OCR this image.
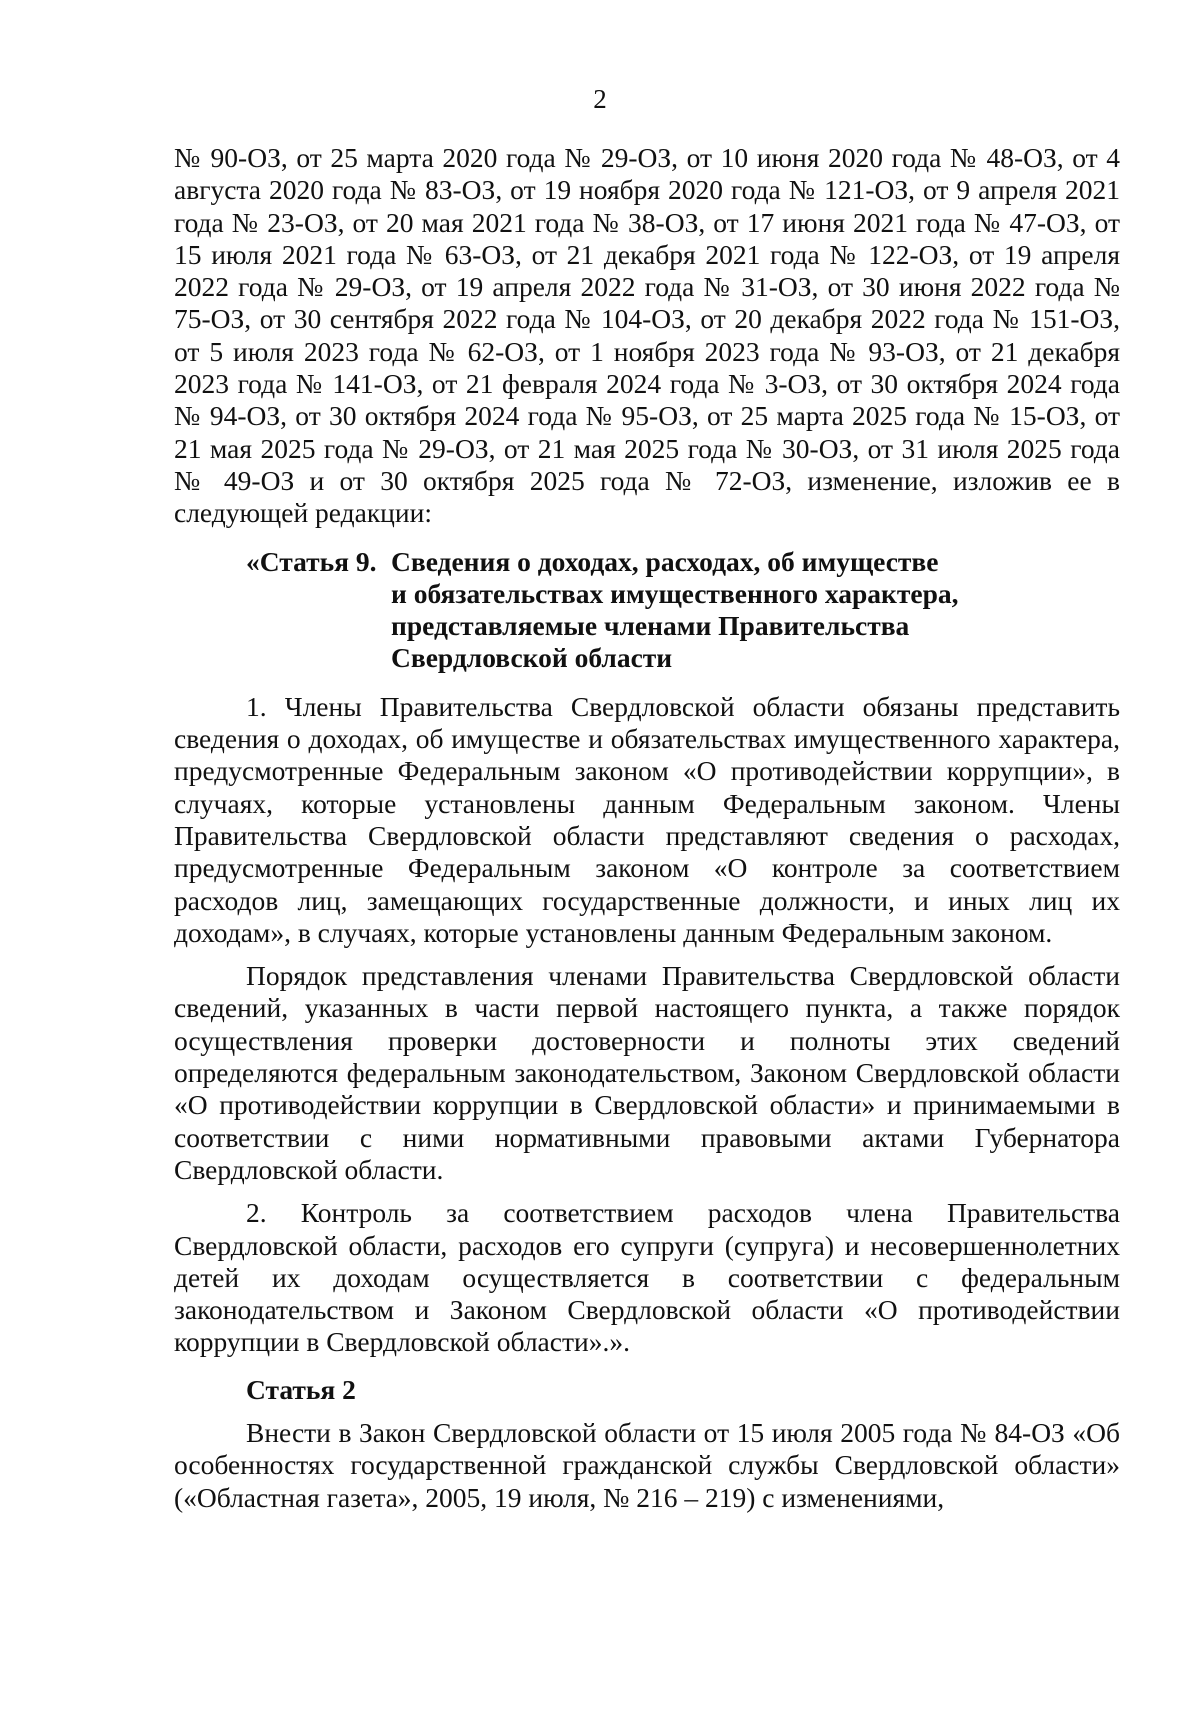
2

№ 90-ОЗ, от 25 марта 2020 года № 29-ОЗ, от 10 июня 2020 года № 48-ОЗ, от 4 августа 2020 года № 83-ОЗ, от 19 ноября 2020 года № 121-ОЗ, от 9 апреля 2021 года № 23-ОЗ, от 20 мая 2021 года № 38-ОЗ, от 17 июня 2021 года № 47-ОЗ, от 15 июля 2021 года № 63-ОЗ, от 21 декабря 2021 года № 122-ОЗ, от 19 апреля 2022 года № 29-ОЗ, от 19 апреля 2022 года № 31-ОЗ, от 30 июня 2022 года № 75-ОЗ, от 30 сентября 2022 года № 104-ОЗ, от 20 декабря 2022 года № 151-ОЗ, от 5 июля 2023 года № 62-ОЗ, от 1 ноября 2023 года № 93-ОЗ, от 21 декабря 2023 года № 141-ОЗ, от 21 февраля 2024 года № 3-ОЗ, от 30 октября 2024 года № 94-ОЗ, от 30 октября 2024 года № 95-ОЗ, от 25 марта 2025 года № 15-ОЗ, от 21 мая 2025 года № 29-ОЗ, от 21 мая 2025 года № 30-ОЗ, от 31 июля 2025 года № 49-ОЗ и от 30 октября 2025 года № 72-ОЗ, изменение, изложив ее в следующей редакции:

«Статья 9. Сведения о доходах, расходах, об имуществе
и обязательствах имущественного характера,
представляемые членами Правительства
Свердловской области

1. Члены Правительства Свердловской области обязаны представить сведения о доходах, об имуществе и обязательствах имущественного характера, предусмотренные Федеральным законом «О противодействии коррупции», в случаях, которые установлены данным Федеральным законом. Члены Правительства Свердловской области представляют сведения о расходах, предусмотренные Федеральным законом «О контроле за соответствием расходов лиц, замещающих государственные должности, и иных лиц их доходам», в случаях, которые установлены данным Федеральным законом.

Порядок представления членами Правительства Свердловской области сведений, указанных в части первой настоящего пункта, а также порядок осуществления проверки достоверности и полноты этих сведений определяются федеральным законодательством, Законом Свердловской области «О противодействии коррупции в Свердловской области» и принимаемыми в соответствии с ними нормативными правовыми актами Губернатора Свердловской области.

2. Контроль за соответствием расходов члена Правительства Свердловской области, расходов его супруги (супруга) и несовершеннолетних детей их доходам осуществляется в соответствии с федеральным законодательством и Законом Свердловской области «О противодействии коррупции в Свердловской области».».

Статья 2

Внести в Закон Свердловской области от 15 июля 2005 года № 84-ОЗ «Об особенностях государственной гражданской службы Свердловской области» («Областная газета», 2005, 19 июля, № 216 – 219) с изменениями,
